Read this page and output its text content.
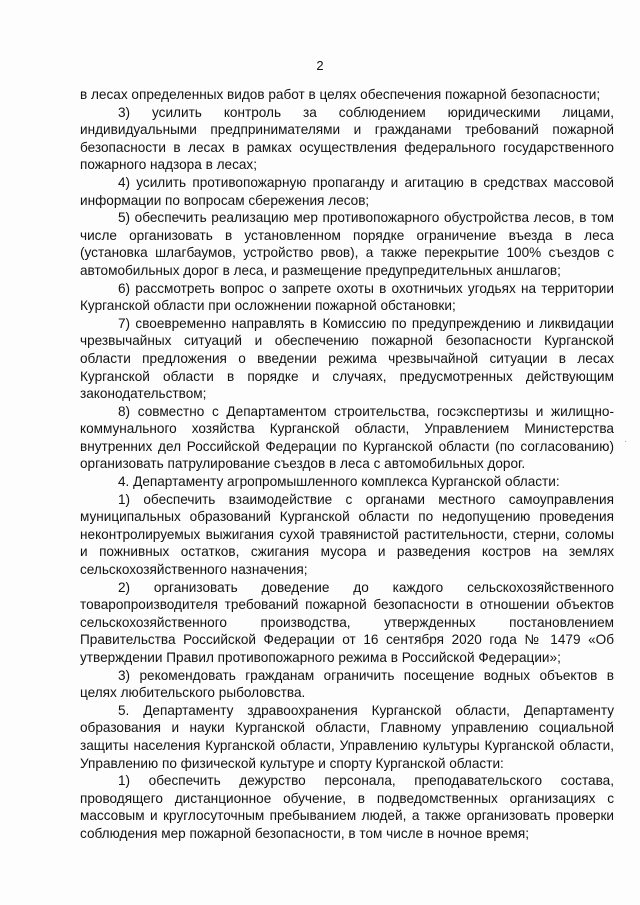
2

в лесах определенных видов работ в целях обеспечения пожарной безопасности;

3) усилить контроль за соблюдением юридическими лицами, индивидуальными предпринимателями и гражданами требований пожарной безопасности в лесах в рамках осуществления федерального государственного пожарного надзора в лесах;

4) усилить противопожарную пропаганду и агитацию в средствах массовой информации по вопросам сбережения лесов;

5) обеспечить реализацию мер противопожарного обустройства лесов, в том числе организовать в установленном порядке ограничение въезда в леса (установка шлагбаумов, устройство рвов), а также перекрытие 100% съездов с автомобильных дорог в леса, и размещение предупредительных аншлагов;

6) рассмотреть вопрос о запрете охоты в охотничьих угодьях на территории Курганской области при осложнении пожарной обстановки;

7) своевременно направлять в Комиссию по предупреждению и ликвидации чрезвычайных ситуаций и обеспечению пожарной безопасности Курганской области предложения о введении режима чрезвычайной ситуации в лесах Курганской области в порядке и случаях, предусмотренных действующим законодательством;

8) совместно с Департаментом строительства, госэкспертизы и жилищно-коммунального хозяйства Курганской области, Управлением Министерства внутренних дел Российской Федерации по Курганской области (по согласованию) организовать патрулирование съездов в леса с автомобильных дорог.

4. Департаменту агропромышленного комплекса Курганской области:

1) обеспечить взаимодействие с органами местного самоуправления муниципальных образований Курганской области по недопущению проведения неконтролируемых выжигания сухой травянистой растительности, стерни, соломы и пожнивных остатков, сжигания мусора и разведения костров на землях сельскохозяйственного назначения;

2) организовать доведение до каждого сельскохозяйственного товаропроизводителя требований пожарной безопасности в отношении объектов сельскохозяйственного производства, утвержденных постановлением Правительства Российской Федерации от 16 сентября 2020 года № 1479 «Об утверждении Правил противопожарного режима в Российской Федерации»;

3) рекомендовать гражданам ограничить посещение водных объектов в целях любительского рыболовства.

5. Департаменту здравоохранения Курганской области, Департаменту образования и науки Курганской области, Главному управлению социальной защиты населения Курганской области, Управлению культуры Курганской области, Управлению по физической культуре и спорту Курганской области:

1) обеспечить дежурство персонала, преподавательского состава, проводящего дистанционное обучение, в подведомственных организациях с массовым и круглосуточным пребыванием людей, а также организовать проверки соблюдения мер пожарной безопасности, в том числе в ночное время;

·
